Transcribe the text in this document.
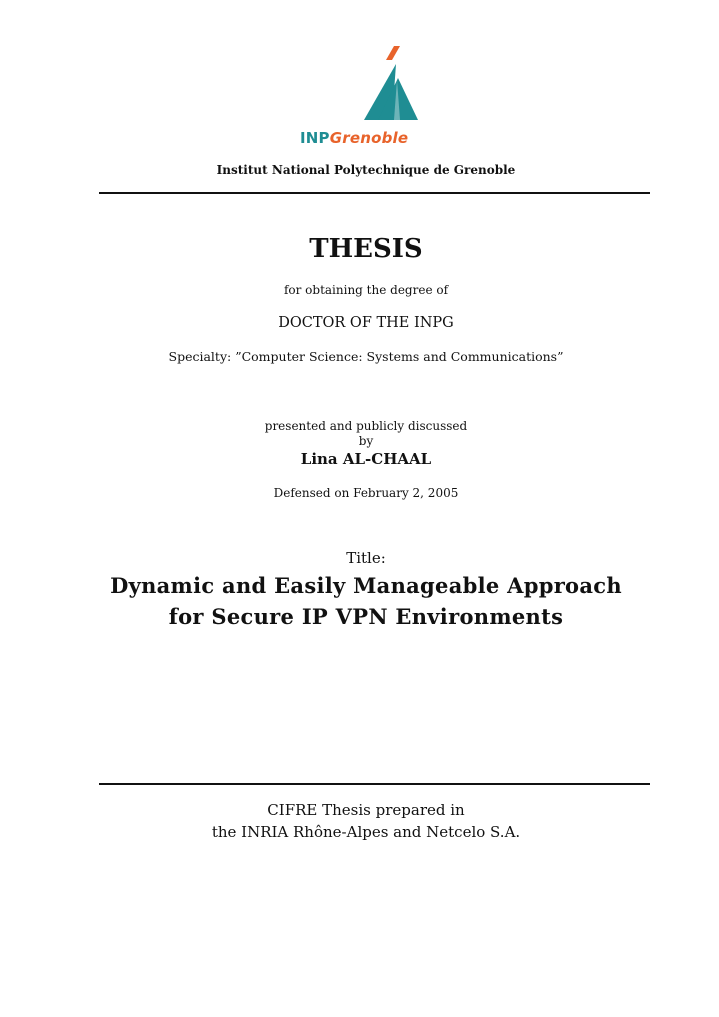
INPGrenoble
Institut National Polytechnique de Grenoble
THESIS
for obtaining the degree of
DOCTOR OF THE INPG
Specialty: ”Computer Science: Systems and Communications”
presented and publicly discussed
by
Lina AL-CHAAL
Defensed on February 2, 2005
Title:
Dynamic and Easily Manageable Approach
for Secure IP VPN Environments
CIFRE Thesis prepared in
the INRIA Rhône-Alpes and Netcelo S.A.
